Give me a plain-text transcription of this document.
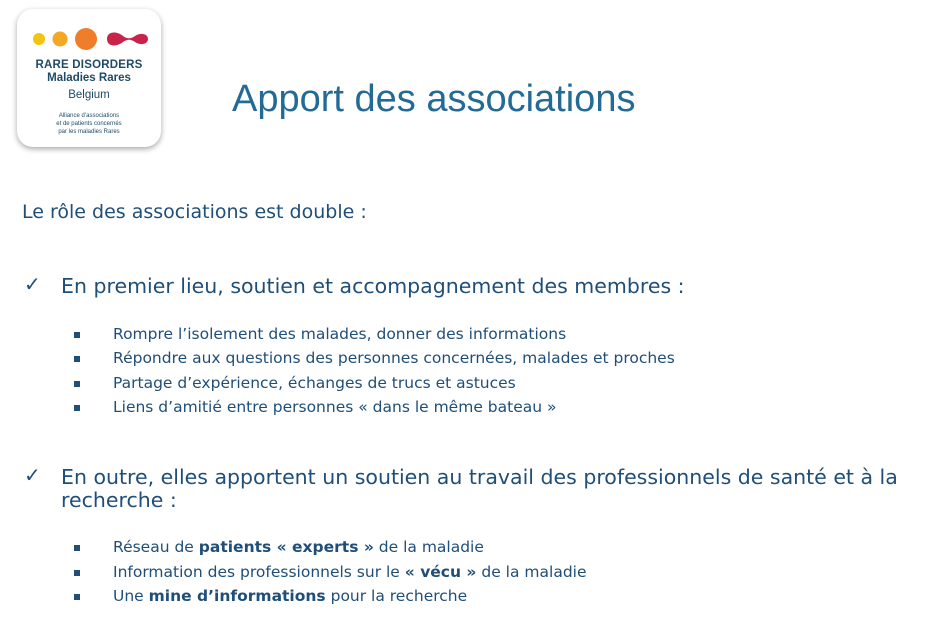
RARE DISORDERS
Maladies Rares
Belgium
Alliance d’associations
et de patients concernés
par les maladies Rares
Apport des associations
Le rôle des associations est double :
✓ En premier lieu, soutien et accompagnement des membres :
Rompre l’isolement des malades, donner des informations
Répondre aux questions des personnes concernées, malades et proches
Partage d’expérience, échanges de trucs et astuces
Liens d’amitié entre personnes « dans le même bateau »
✓ En outre, elles apportent un soutien au travail des professionnels de santé et à la recherche :
Réseau de patients « experts » de la maladie
Information des professionnels sur le « vécu » de la maladie
Une mine d’informations pour la recherche
